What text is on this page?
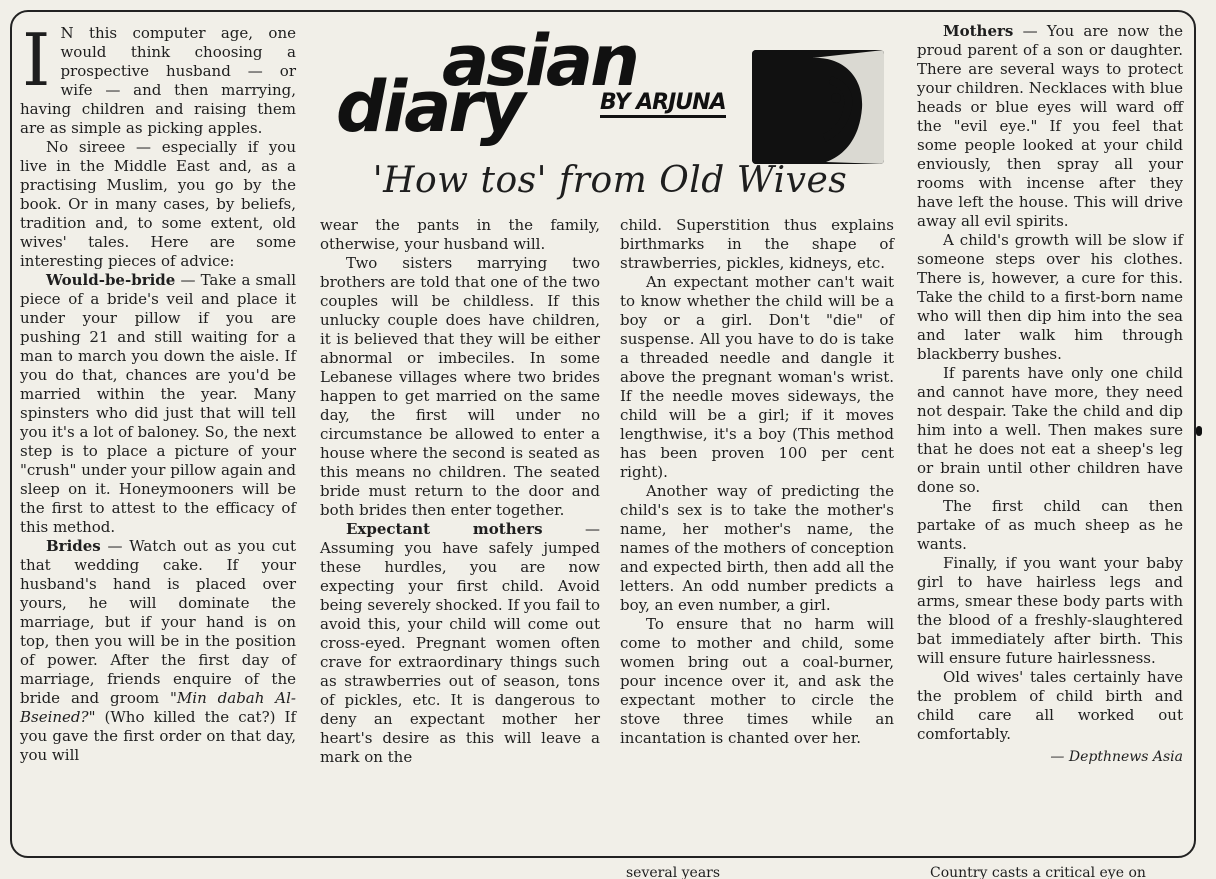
asian
diary	BY ARJUNA
'How tos' from Old Wives

I N this computer age, one would think choosing a prospective husband — or wife — and then marrying, having children and raising them are as simple as picking apples.

No sireee — especially if you live in the Middle East and, as a practising Muslim, you go by the book. Or in many cases, by beliefs, tradition and, to some extent, old wives' tales. Here are some interesting pieces of advice:

Would-be-bride — Take a small piece of a bride's veil and place it under your pillow if you are pushing 21 and still waiting for a man to march you down the aisle. If you do that, chances are you'd be married within the year. Many spinsters who did just that will tell you it's a lot of baloney. So, the next step is to place a picture of your "crush" under your pillow again and sleep on it. Honeymooners will be the first to attest to the efficacy of this method.

Brides — Watch out as you cut that wedding cake. If your husband's hand is placed over yours, he will dominate the marriage, but if your hand is on top, then you will be in the position of power. After the first day of marriage, friends enquire of the bride and groom "Min dabah Al-Bseined?" (Who killed the cat?) If you gave the first order on that day, you will

wear the pants in the family, otherwise, your husband will.

Two sisters marrying two brothers are told that one of the two couples will be childless. If this unlucky couple does have children, it is believed that they will be either abnormal or imbeciles. In some Lebanese villages where two brides happen to get married on the same day, the first will under no circumstance be allowed to enter a house where the second is seated as this means no children. The seated bride must return to the door and both brides then enter together.

Expectant mothers — Assuming you have safely jumped these hurdles, you are now expecting your first child. Avoid being severely shocked. If you fail to avoid this, your child will come out cross-eyed. Pregnant women often crave for extraordinary things such as strawberries out of season, tons of pickles, etc. It is dangerous to deny an expectant mother her heart's desire as this will leave a mark on the

child. Superstition thus explains birthmarks in the shape of strawberries, pickles, kidneys, etc.

An expectant mother can't wait to know whether the child will be a boy or a girl. Don't "die" of suspense. All you have to do is take a threaded needle and dangle it above the pregnant woman's wrist. If the needle moves sideways, the child will be a girl; if it moves lengthwise, it's a boy (This method has been proven 100 per cent right).

Another way of predicting the child's sex is to take the mother's name, her mother's name, the names of the mothers of conception and expected birth, then add all the letters. An odd number predicts a boy, an even number, a girl.

To ensure that no harm will come to mother and child, some women bring out a coal-burner, pour incence over it, and ask the expectant mother to circle the stove three times while an incantation is chanted over her.

Mothers — You are now the proud parent of a son or daughter. There are several ways to protect your children. Necklaces with blue heads or blue eyes will ward off the "evil eye." If you feel that some people looked at your child enviously, then spray all your rooms with incense after they have left the house. This will drive away all evil spirits.

A child's growth will be slow if someone steps over his clothes. There is, however, a cure for this. Take the child to a first-born name who will then dip him into the sea and later walk him through blackberry bushes.

If parents have only one child and cannot have more, they need not despair. Take the child and dip him into a well. Then makes sure that he does not eat a sheep's leg or brain until other children have done so.

The first child can then partake of as much sheep as he wants.

Finally, if you want your baby girl to have hairless legs and arms, smear these body parts with the blood of a freshly-slaughtered bat immediately after birth. This will ensure future hairlessness.

Old wives' tales certainly have the problem of child birth and child care all worked out comfortably.

— Depthnews Asia
several years	Country casts a critical eye on
